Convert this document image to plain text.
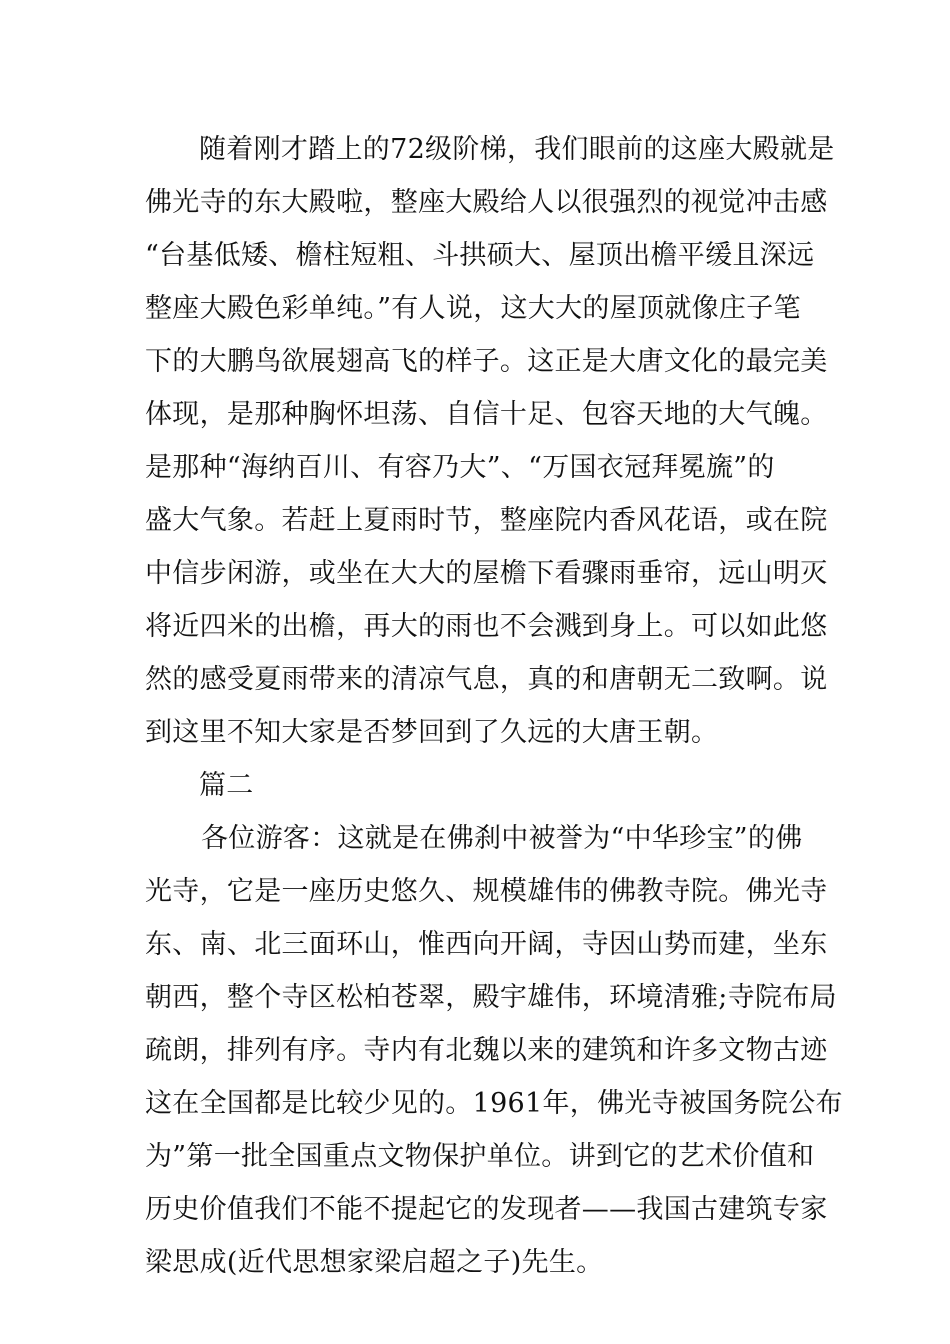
随着刚才踏上的72级阶梯，我们眼前的这座大殿就是
佛光寺的东大殿啦，整座大殿给人以很强烈的视觉冲击感
“台基低矮、檐柱短粗、斗拱硕大、屋顶出檐平缓且深远
整座大殿色彩单纯。”有人说，这大大的屋顶就像庄子笔
下的大鹏鸟欲展翅高飞的样子。这正是大唐文化的最完美
体现，是那种胸怀坦荡、自信十足、包容天地的大气魄。
是那种“海纳百川、有容乃大”、“万国衣冠拜冕旒”的
盛大气象。若赶上夏雨时节，整座院内香风花语，或在院
中信步闲游，或坐在大大的屋檐下看骤雨垂帘，远山明灭
将近四米的出檐，再大的雨也不会溅到身上。可以如此悠
然的感受夏雨带来的清凉气息，真的和唐朝无二致啊。说
到这里不知大家是否梦回到了久远的大唐王朝。
篇二
各位游客：这就是在佛刹中被誉为“中华珍宝”的佛
光寺，它是一座历史悠久、规模雄伟的佛教寺院。佛光寺
东、南、北三面环山，惟西向开阔，寺因山势而建，坐东
朝西，整个寺区松柏苍翠，殿宇雄伟，环境清雅;寺院布局
疏朗，排列有序。寺内有北魏以来的建筑和许多文物古迹
这在全国都是比较少见的。1961年，佛光寺被国务院公布
为”第一批全国重点文物保护单位。讲到它的艺术价值和
历史价值我们不能不提起它的发现者——我国古建筑专家
梁思成(近代思想家梁启超之子)先生。
